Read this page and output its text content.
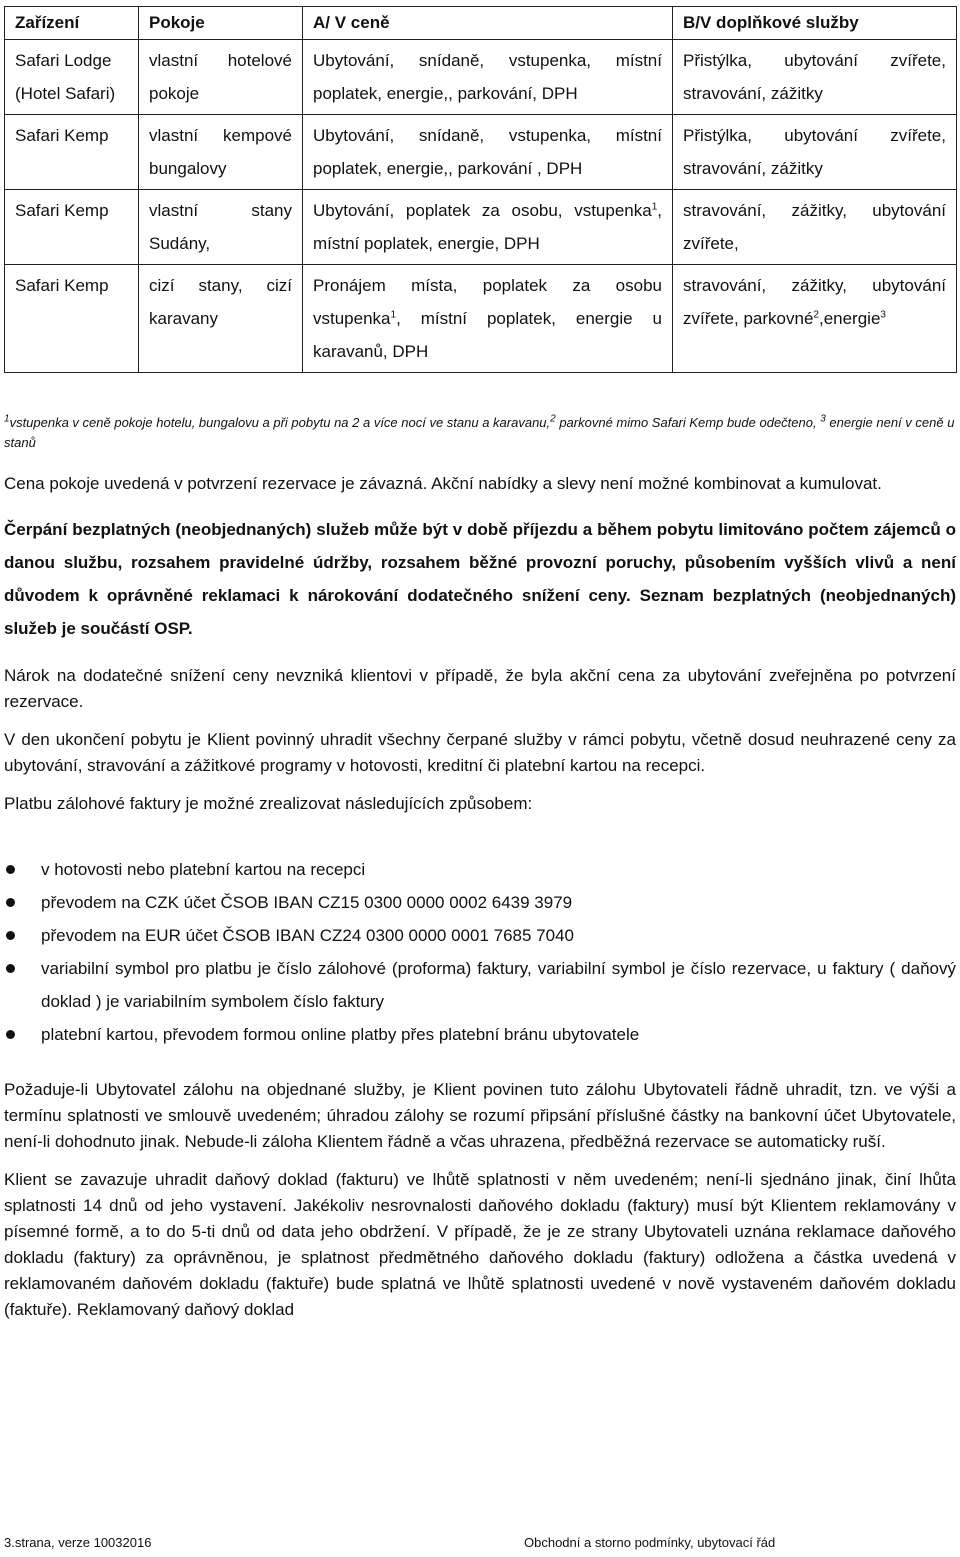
Zařízení	Pokoje	A/ V ceně	B/V doplňkové služby
Safari Lodge (Hotel Safari)	vlastní hotelové pokoje	Ubytování, snídaně, vstupenka, místní poplatek, energie,, parkování, DPH	Přistýlka, ubytování zvířete, stravování, zážitky
Safari Kemp	vlastní kempové bungalovy	Ubytování, snídaně, vstupenka, místní poplatek, energie,, parkování , DPH	Přistýlka, ubytování zvířete, stravování, zážitky
Safari Kemp	vlastní stany Sudány,	Ubytování, poplatek za osobu, vstupenka$^1$, místní poplatek, energie, DPH	stravování, zážitky, ubytování zvířete,
Safari Kemp	cizí stany, cizí karavany	Pronájem místa, poplatek za osobu vstupenka$^1$, místní poplatek, energie u karavanů, DPH	stravování, zážitky, ubytování zvířete, parkovné$^2$,energie$^3$
$^1$vstupenka v ceně pokoje hotelu, bungalovu a při pobytu na 2 a více nocí ve stanu a karavanu,$^2$ parkovné mimo Safari Kemp bude odečteno, $^3$ energie není v ceně u stanů

Cena pokoje uvedená v potvrzení rezervace je závazná. Akční nabídky a slevy není možné kombinovat a kumulovat.

Čerpání bezplatných (neobjednaných) služeb může být v době příjezdu a během pobytu limitováno počtem zájemců o danou službu, rozsahem pravidelné údržby, rozsahem běžné provozní poruchy, působením vyšších vlivů a není důvodem k oprávněné reklamaci k nárokování dodatečného snížení ceny. Seznam bezplatných (neobjednaných) služeb je součástí OSP.

Nárok na dodatečné snížení ceny nevzniká klientovi v případě, že byla akční cena za ubytování zveřejněna po potvrzení rezervace.

V den ukončení pobytu je Klient povinný uhradit všechny čerpané služby v rámci pobytu, včetně dosud neuhrazené ceny za ubytování, stravování a zážitkové programy v hotovosti, kreditní či platební kartou na recepci.

Platbu zálohové faktury je možné zrealizovat následujících způsobem:

v hotovosti nebo platební kartou na recepci
převodem na CZK účet ČSOB IBAN CZ15 0300 0000 0002 6439 3979
převodem na EUR účet ČSOB IBAN CZ24 0300 0000 0001 7685 7040
variabilní symbol pro platbu je číslo zálohové (proforma) faktury, variabilní symbol je číslo rezervace, u faktury ( daňový doklad ) je variabilním symbolem číslo faktury
platební kartou, převodem formou online platby přes platební bránu ubytovatele

Požaduje-li Ubytovatel zálohu na objednané služby, je Klient povinen tuto zálohu Ubytovateli řádně uhradit, tzn. ve výši a termínu splatnosti ve smlouvě uvedeném; úhradou zálohy se rozumí připsání příslušné částky na bankovní účet Ubytovatele, není-li dohodnuto jinak. Nebude-li záloha Klientem řádně a včas uhrazena, předběžná rezervace se automaticky ruší.

Klient se zavazuje uhradit daňový doklad (fakturu) ve lhůtě splatnosti v něm uvedeném; není-li sjednáno jinak, činí lhůta splatnosti 14 dnů od jeho vystavení. Jakékoliv nesrovnalosti daňového dokladu (faktury) musí být Klientem reklamovány v písemné formě, a to do 5-ti dnů od data jeho obdržení. V případě, že je ze strany Ubytovateli uznána reklamace daňového dokladu (faktury) za oprávněnou, je splatnost předmětného daňového dokladu (faktury) odložena a částka uvedená v reklamovaném daňovém dokladu (faktuře) bude splatná ve lhůtě splatnosti uvedené v nově vystaveném daňovém dokladu (faktuře). Reklamovaný daňový doklad

3.strana, verze 10032016	Obchodní a storno podmínky, ubytovací řád
